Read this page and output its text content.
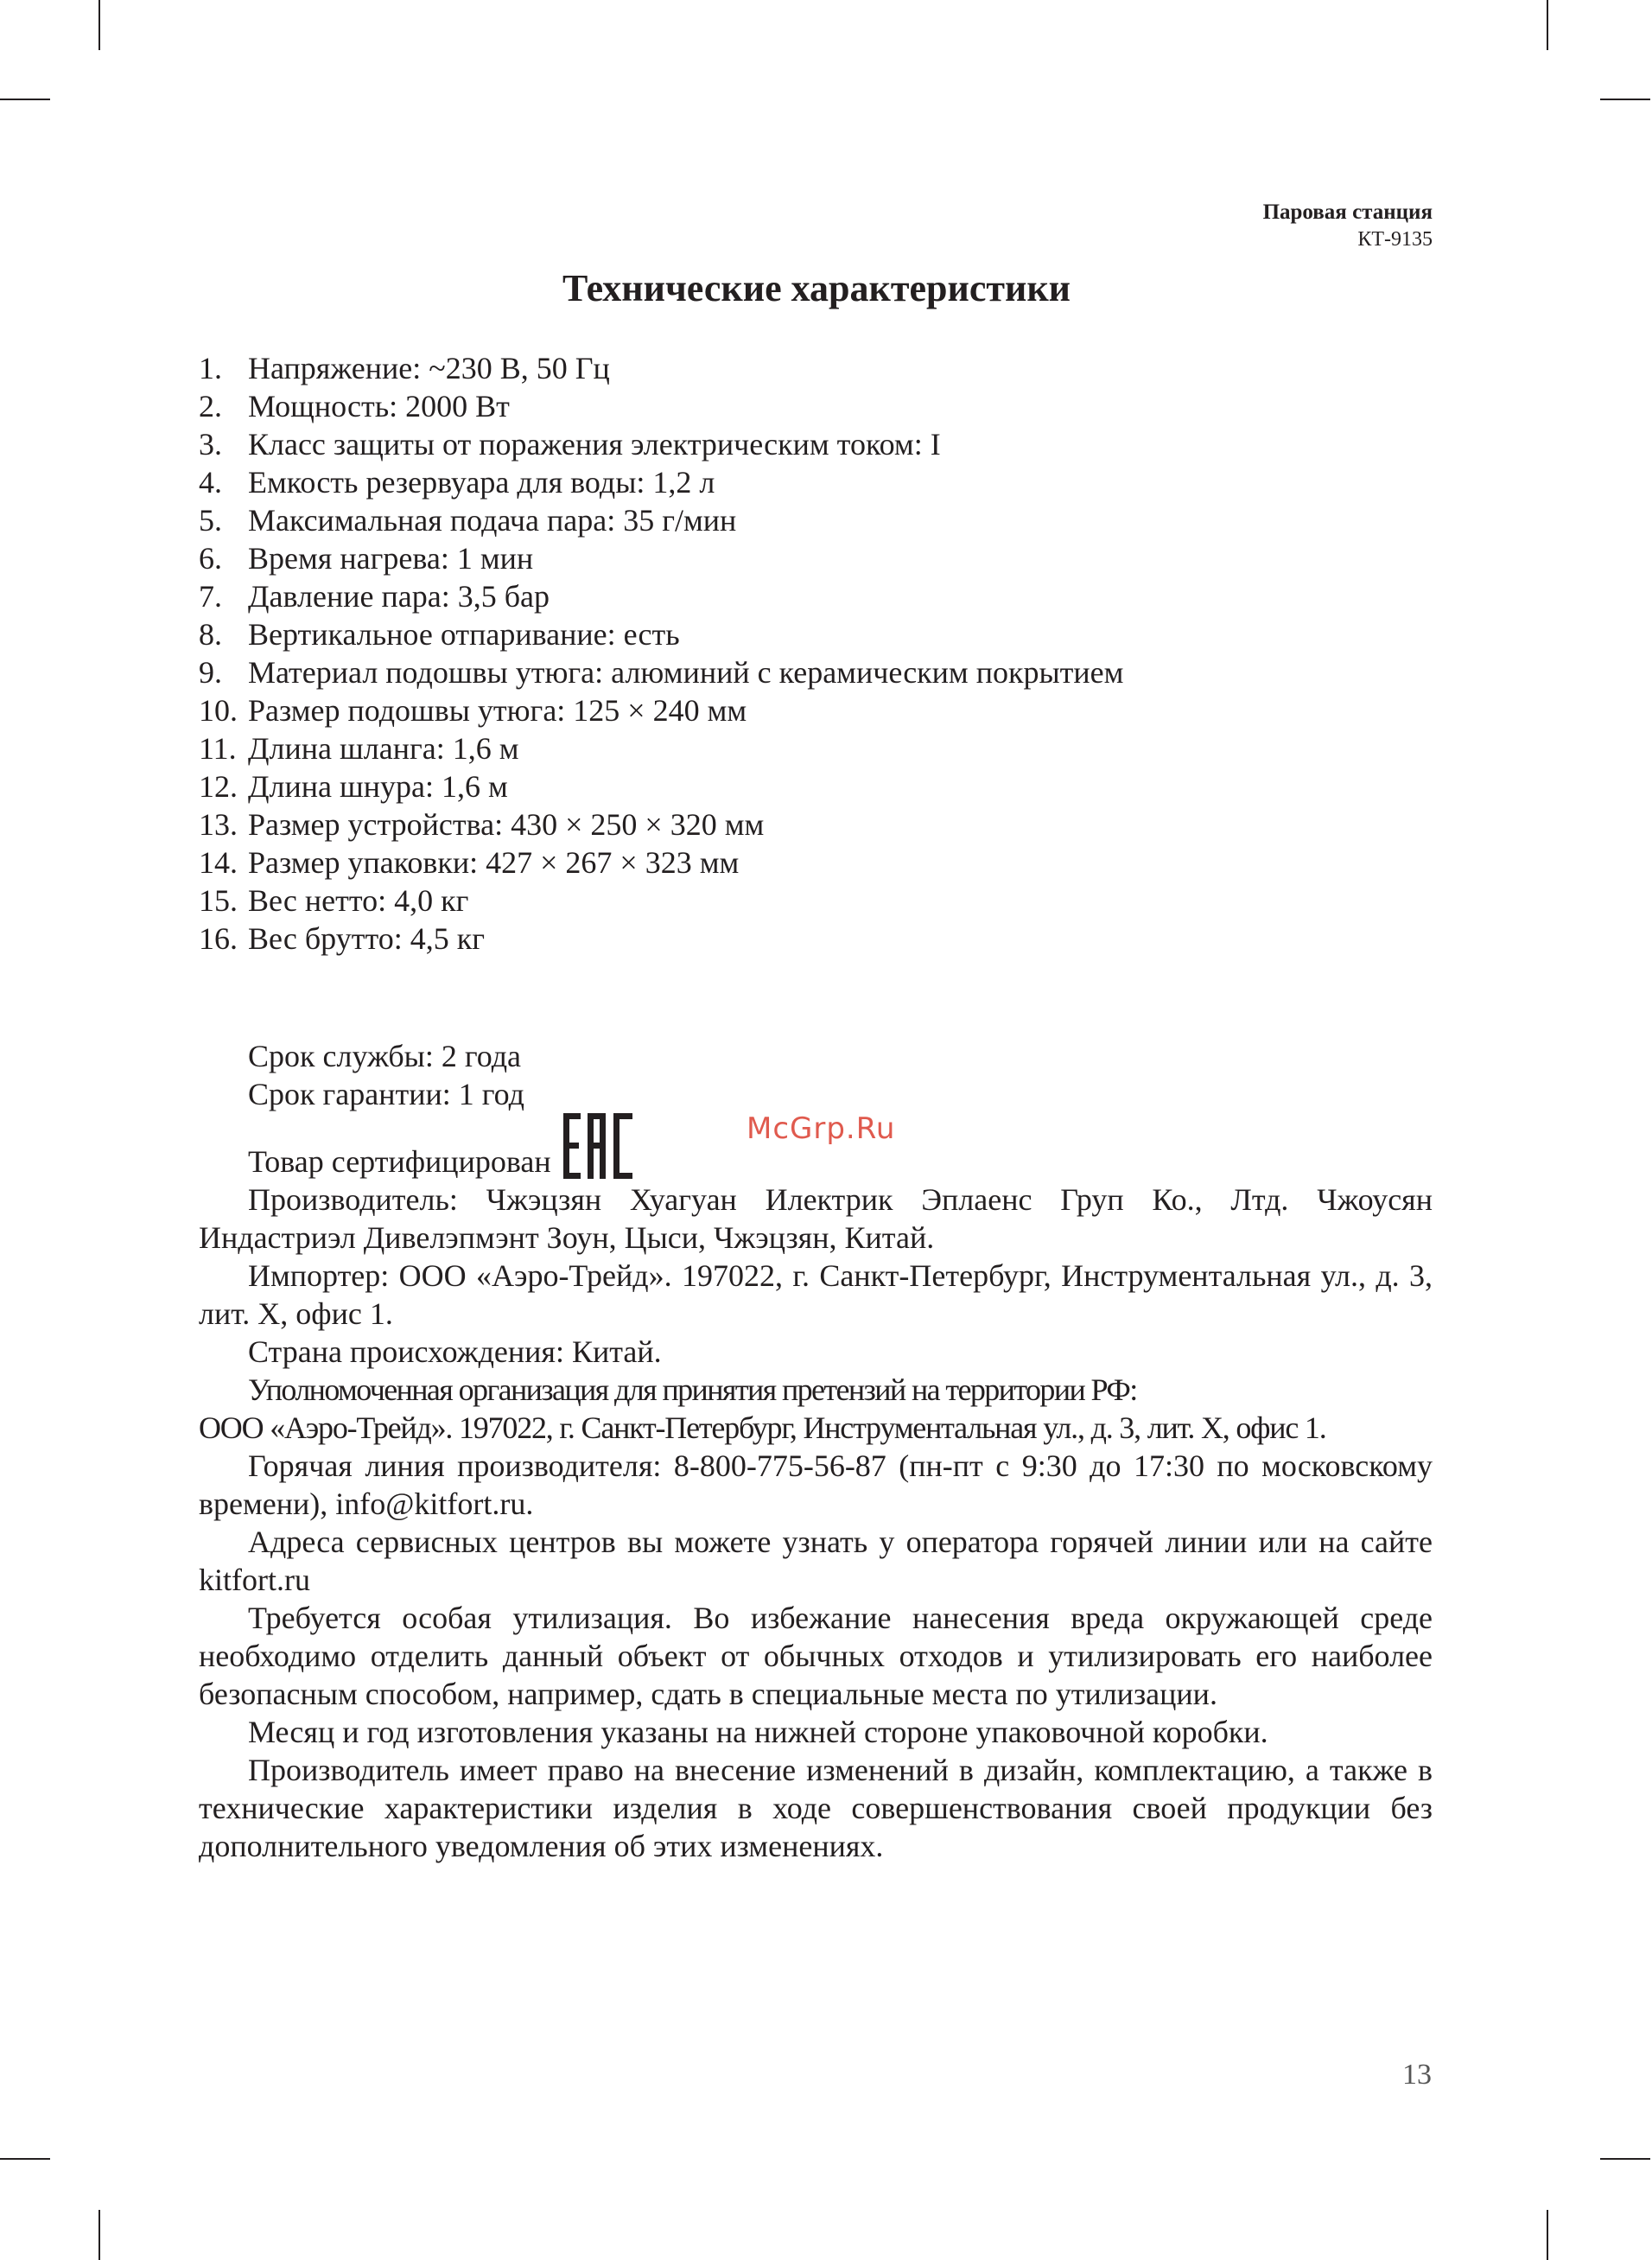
Паровая станция
КТ-9135
Технические характеристики
1. Напряжение: ~230 В, 50 Гц
2. Мощность: 2000 Вт
3. Класс защиты от поражения электрическим током: I
4. Емкость резервуара для воды: 1,2 л
5. Максимальная подача пара: 35 г/мин
6. Время нагрева: 1 мин
7. Давление пара: 3,5 бар
8. Вертикальное отпаривание: есть
9. Материал подошвы утюга: алюминий с керамическим покрытием
10. Размер подошвы утюга: 125 × 240 мм
11. Длина шланга: 1,6 м
12. Длина шнура: 1,6 м
13. Размер устройства: 430 × 250 × 320 мм
14. Размер упаковки: 427 × 267 × 323 мм
15. Вес нетто: 4,0 кг
16. Вес брутто: 4,5 кг

Срок службы: 2 года

Срок гарантии: 1 год

Товар сертифицирован

Производитель: Чжэцзян Хуагуан Илектрик Эплаенс Груп Ко., Лтд. Чжоусян Индастриэл Дивелэпмэнт Зоун, Цыси, Чжэцзян, Китай.

Импортер: ООО «Аэро-Трейд». 197022, г. Санкт-Петербург, Инструментальная ул., д. 3, лит. Х, офис 1.

Страна происхождения: Китай.

Уполномоченная организация для принятия претензий на территории РФ:

ООО «Аэро-Трейд». 197022, г. Санкт-Петербург, Инструментальная ул., д. 3, лит. Х, офис 1.

Горячая линия производителя: 8-800-775-56-87 (пн-пт с 9:30 до 17:30 по московскому времени), info@kitfort.ru.

Адреса сервисных центров вы можете узнать у оператора горячей линии или на сайте kitfort.ru

Требуется особая утилизация. Во избежание нанесения вреда окружающей среде необходимо отделить данный объект от обычных отходов и утилизировать его наиболее безопасным способом, например, сдать в специальные места по утилизации.

Месяц и год изготовления указаны на нижней стороне упаковочной коробки.

Производитель имеет право на внесение изменений в дизайн, комплектацию, а также в технические характеристики изделия в ходе совершенствования своей продукции без дополнительного уведомления об этих изменениях.

McGrp.Ru
13
